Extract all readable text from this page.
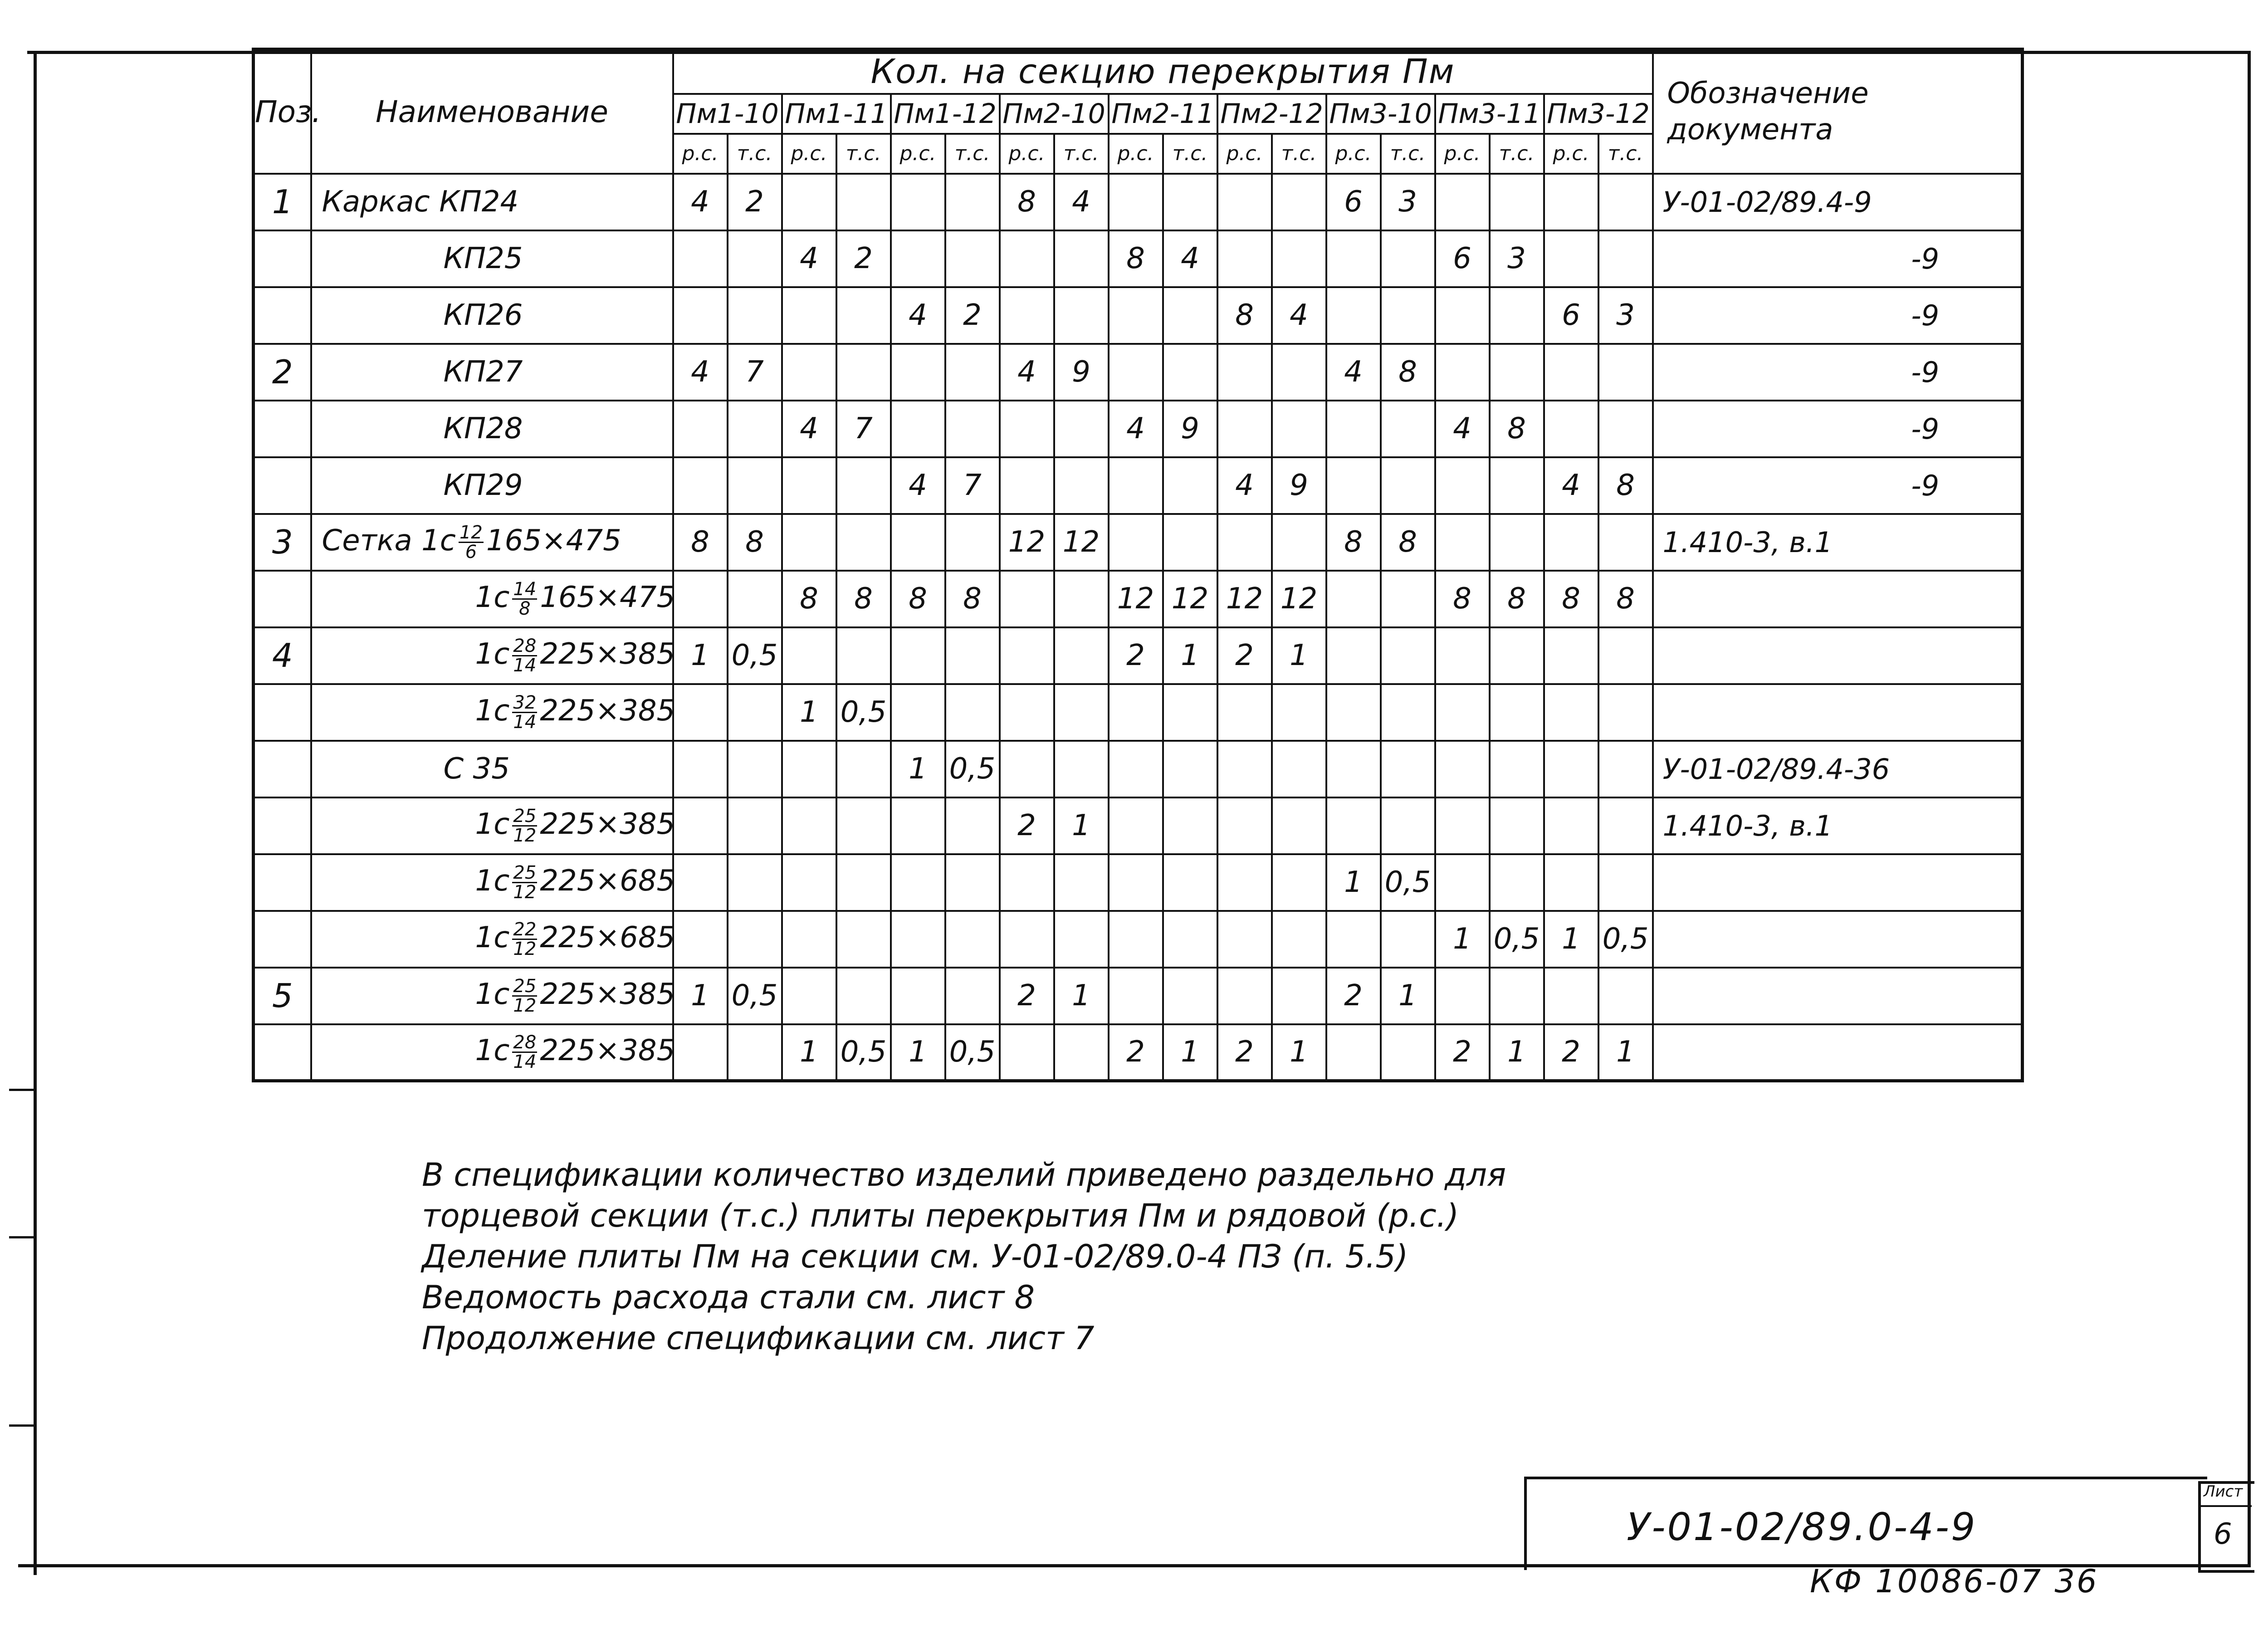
Поз.	Наименование	Кол. на секцию перекрытия Пм																		Обозначение
документа

		Пм1-10		Пм1-11		Пм1-12		Пм2-10		Пм2-11		Пм2-12		Пм3-10		Пм3-11		Пм3-12		
		р.с.	т.с.	р.с.	т.с.	р.с.	т.с.	р.с.	т.с.	р.с.	т.с.	р.с.	т.с.	р.с.	т.с.	р.с.	т.с.	р.с.	т.с.	
1	Каркас КП24	4	2					8	4					6	3					У-01-02/89.4-9
	КП25			4	2					8	4					6	3			-9
	КП26					4	2					8	4					6	3	-9
2	КП27	4	7					4	9					4	8					-9
	КП28			4	7					4	9					4	8			-9
	КП29					4	7					4	9					4	8	-9
3	Сетка $1с \frac{12}{6} 165\times 475$	8	8					12	12					8	8					1.410-3, в.1
	$1с \frac{14}{8} 165\times 475$			8	8	8	8			12	12	12	12			8	8	8	8	
4	$1с \frac{28}{14} 225\times 385$	1	0,5							2	1	2	1							
	$1с \frac{32}{14} 225\times 385$			1	0,5															
	С 35					1	0,5													У-01-02/89.4-36
	$1с \frac{25}{12} 225\times 385$							2	1											1.410-3, в.1
	$1с \frac{25}{12} 225\times 685$													1	0,5					
	$1с \frac{22}{12} 225\times 685$															1	0,5	1	0,5	
5	$1с \frac{25}{12} 225\times 385$	1	0,5					2	1					2	1					
	$1с \frac{28}{14} 225\times 385$			1	0,5	1	0,5			2	1	2	1			2	1	2	1	
В спецификации количество изделий приведено раздельно для
торцевой секции (т.с.) плиты перекрытия Пм и рядовой (р.с.)
Деление плиты Пм на секции см. У-01-02/89.0-4 ПЗ (п. 5.5)
Ведомость расхода стали см. лист 8
Продолжение спецификации см. лист 7
У-01-02/89.0-4-9
Лист
6
КФ 10086-07 36
